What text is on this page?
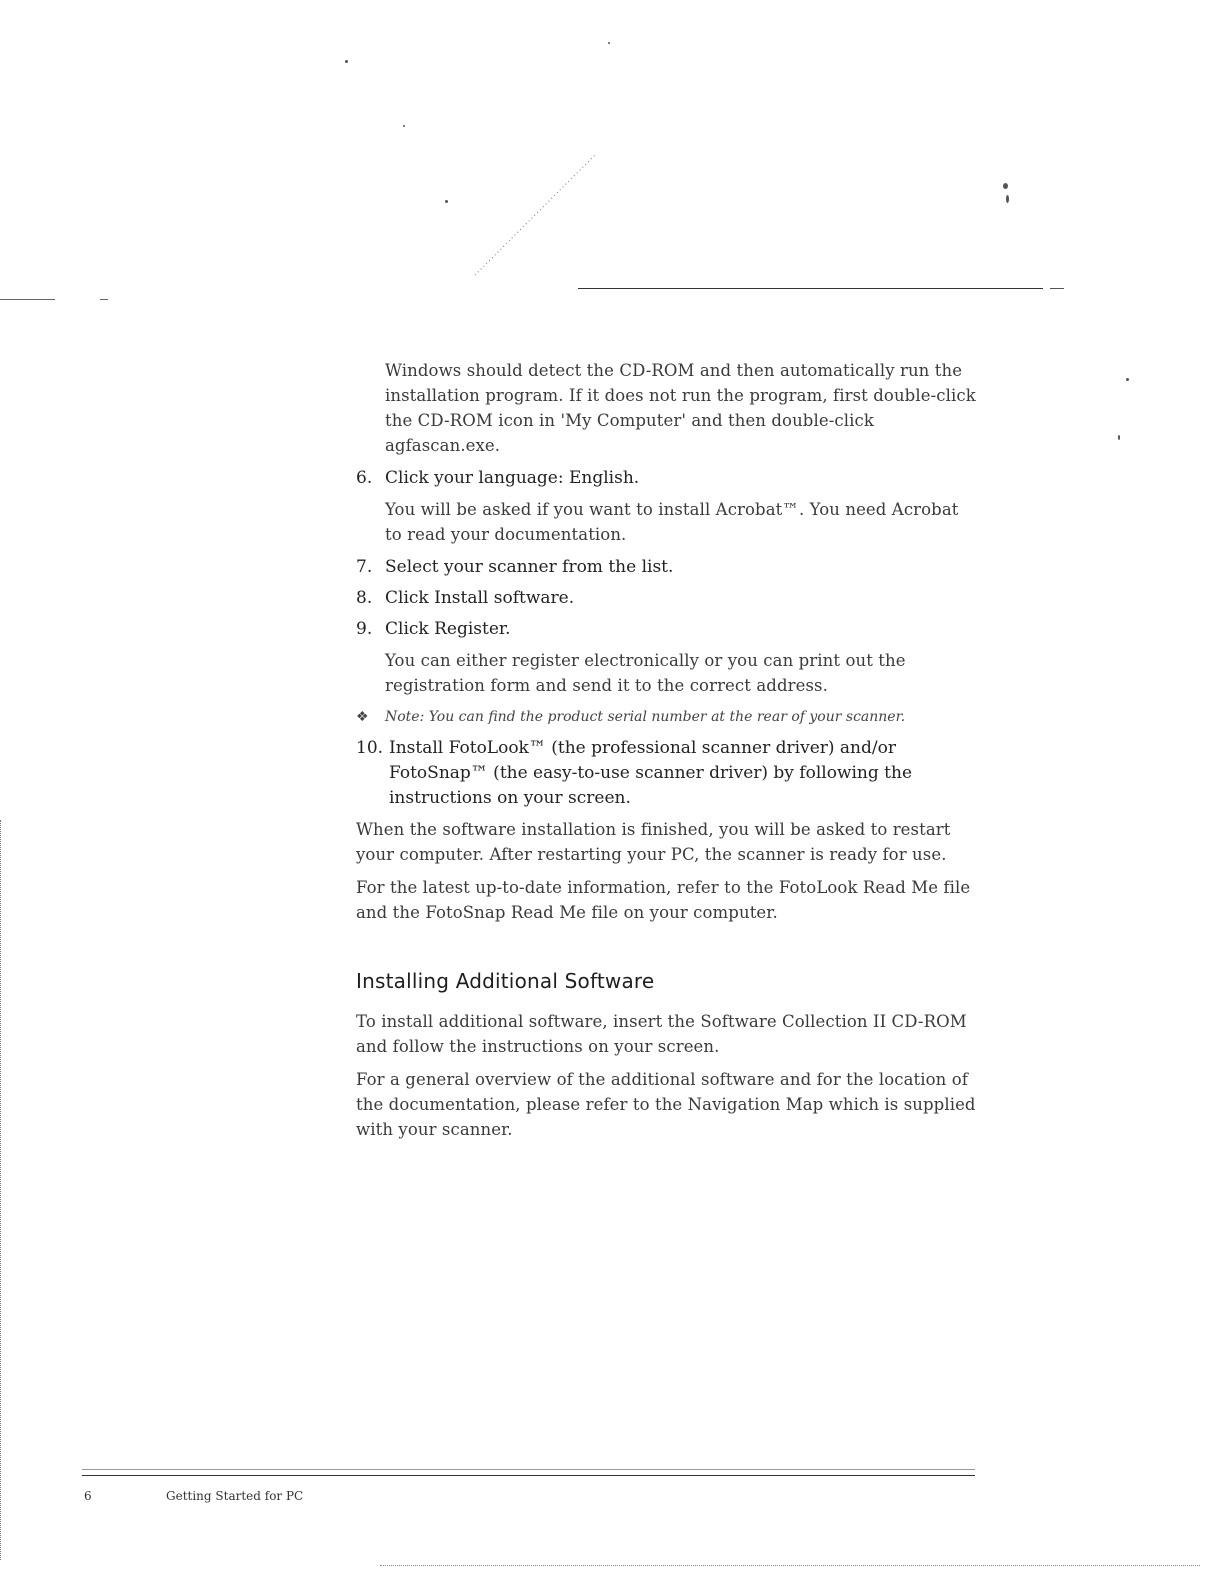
Windows should detect the CD-ROM and then automatically run the installation program. If it does not run the program, first double-click the CD-ROM icon in 'My Computer' and then double-click agfascan.exe.

6. Click your language: English.

You will be asked if you want to install Acrobat™. You need Acrobat to read your documentation.

7. Select your scanner from the list.
8. Click Install software.
9. Click Register.

You can either register electronically or you can print out the registration form and send it to the correct address.

❖	Note: You can find the product serial number at the rear of your scanner.
10. Install FotoLook™ (the professional scanner driver) and/or FotoSnap™ (the easy-to-use scanner driver) by following the instructions on your screen.

When the software installation is finished, you will be asked to restart your computer. After restarting your PC, the scanner is ready for use.

For the latest up-to-date information, refer to the FotoLook Read Me file and the FotoSnap Read Me file on your computer.

Installing Additional Software

To install additional software, insert the Software Collection II CD-ROM and follow the instructions on your screen.

For a general overview of the additional software and for the location of the documentation, please refer to the Navigation Map which is supplied with your scanner.

6	Getting Started for PC
